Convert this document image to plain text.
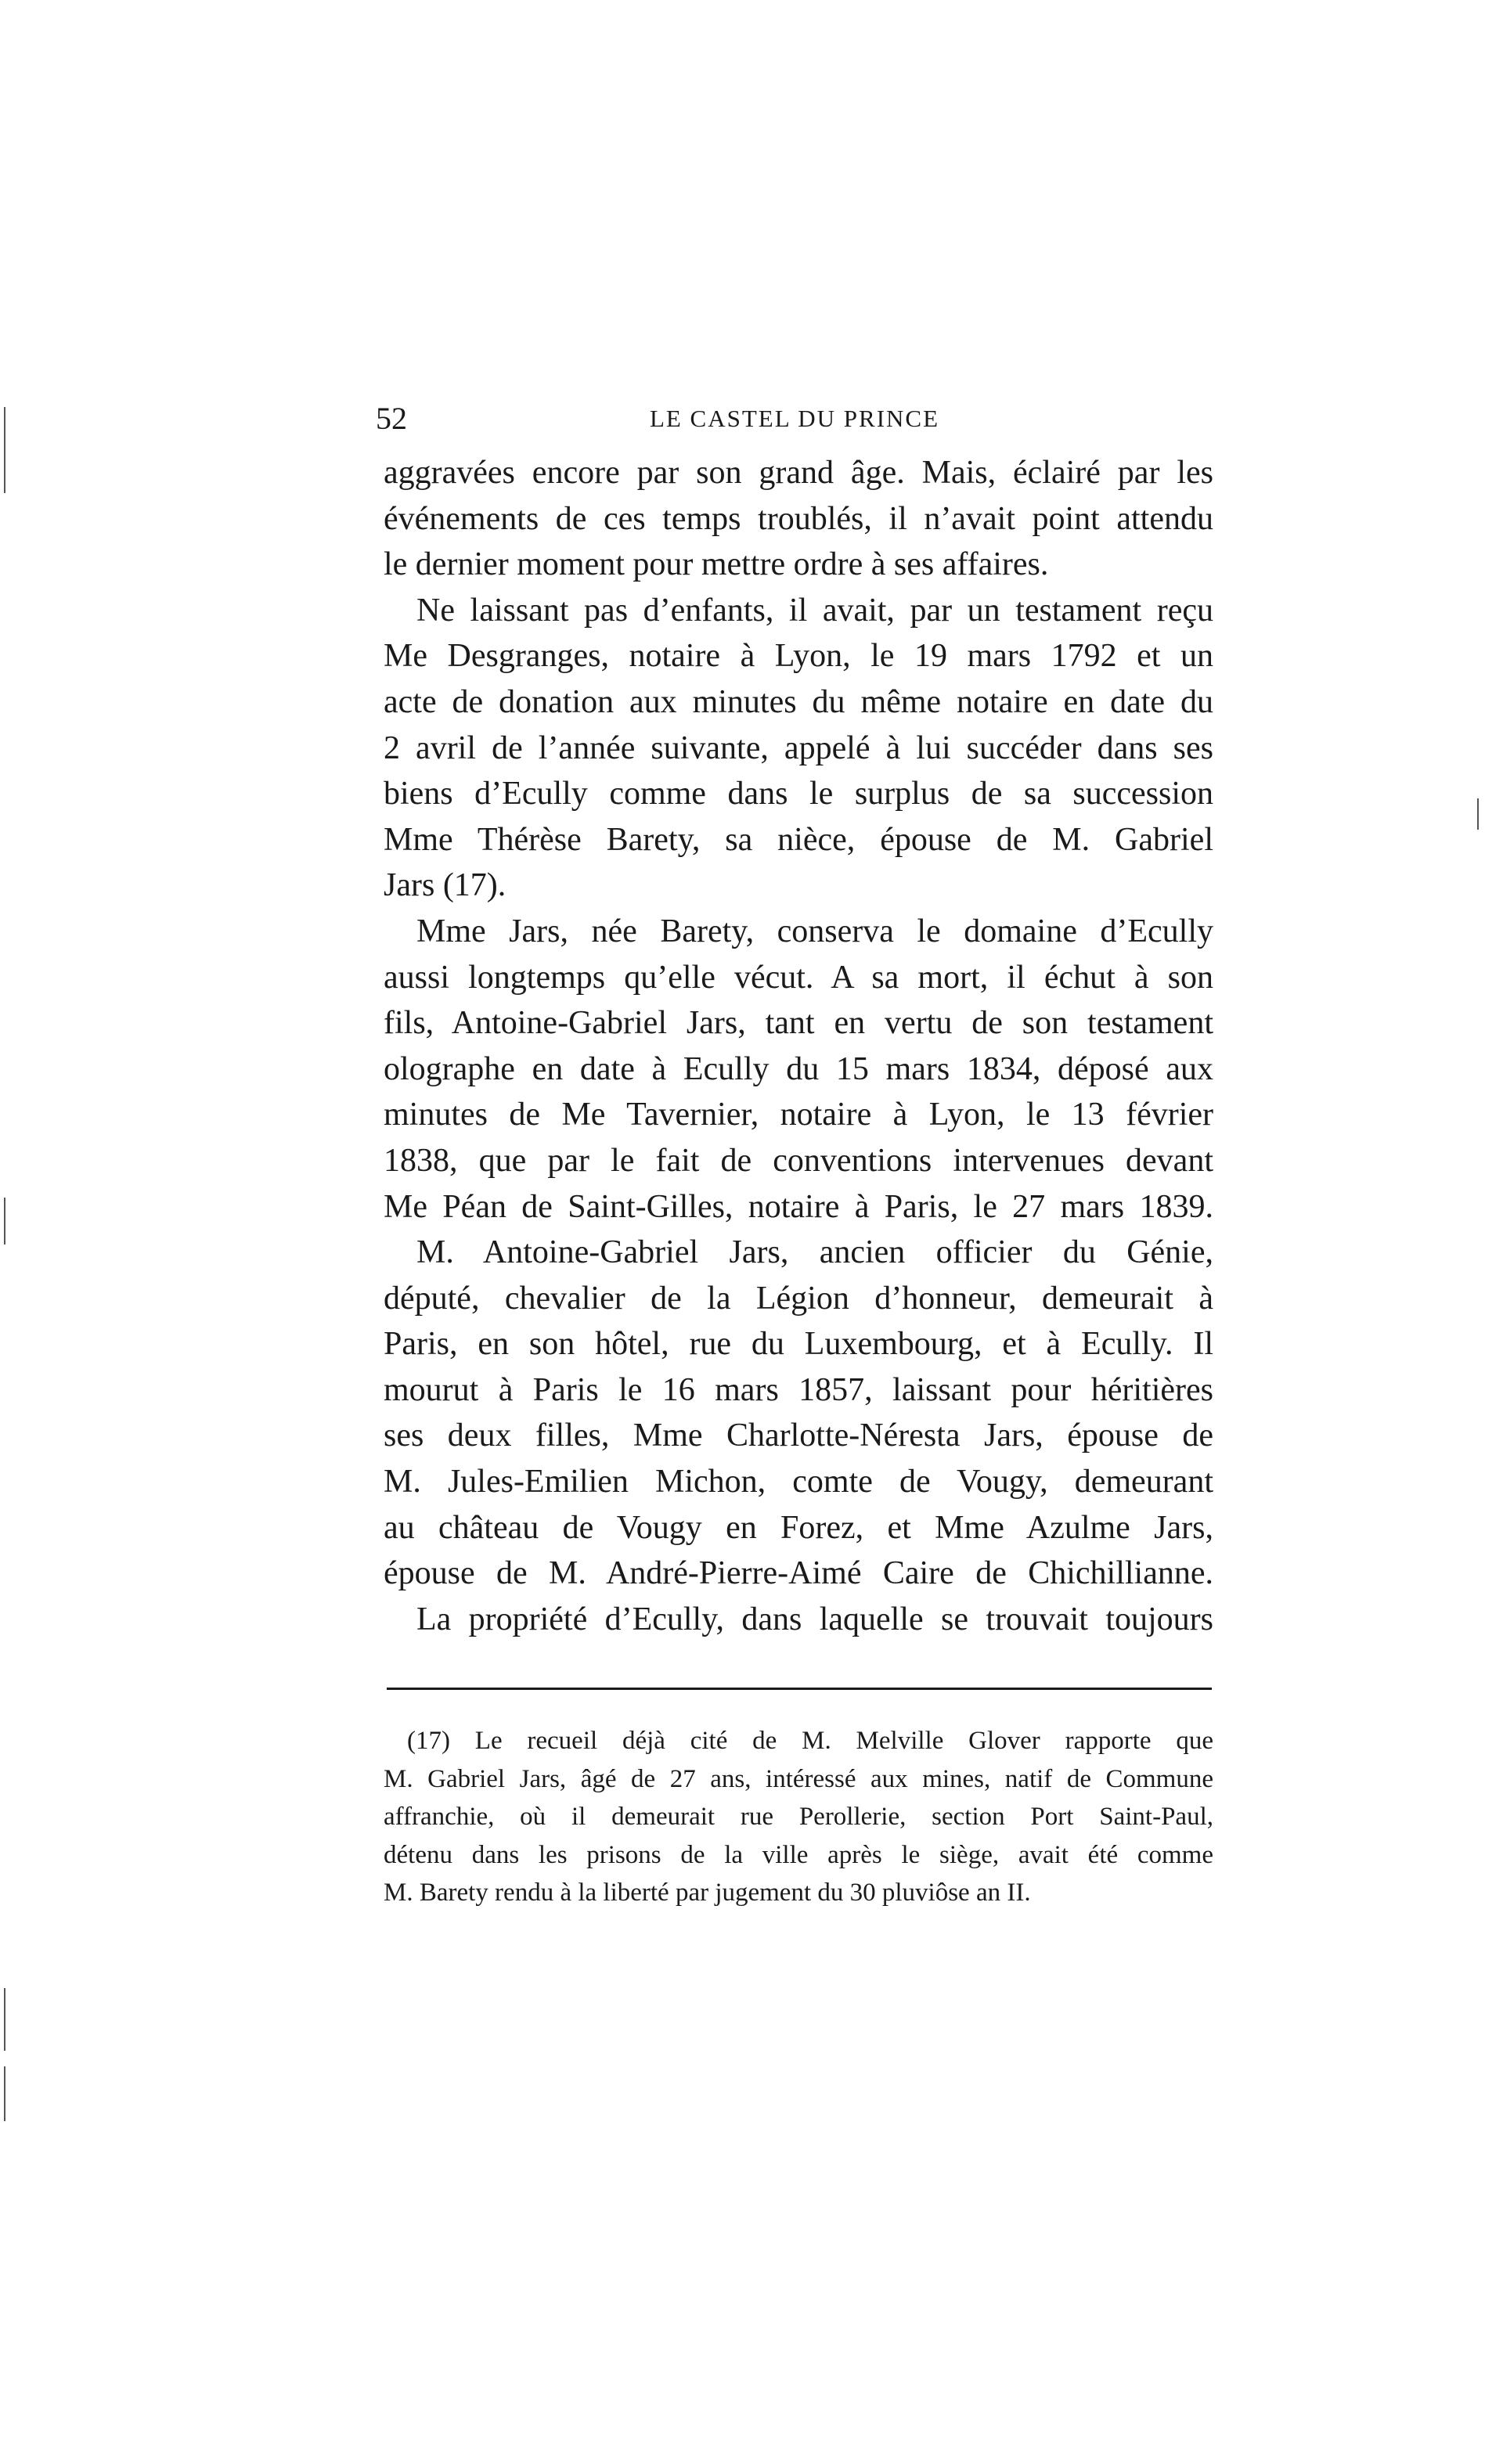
52	LE CASTEL DU PRINCE
aggravées encore par son grand âge. Mais, éclairé par les
événements de ces temps troublés, il n’avait point attendu
le dernier moment pour mettre ordre à ses affaires.
Ne laissant pas d’enfants, il avait, par un testament reçu
Me Desgranges, notaire à Lyon, le 19 mars 1792 et un
acte de donation aux minutes du même notaire en date du
2 avril de l’année suivante, appelé à lui succéder dans ses
biens d’Ecully comme dans le surplus de sa succession
Mme Thérèse Barety, sa nièce, épouse de M. Gabriel
Jars (17).
Mme Jars, née Barety, conserva le domaine d’Ecully
aussi longtemps qu’elle vécut. A sa mort, il échut à son
fils, Antoine-Gabriel Jars, tant en vertu de son testament
olographe en date à Ecully du 15 mars 1834, déposé aux
minutes de Me Tavernier, notaire à Lyon, le 13 février
1838, que par le fait de conventions intervenues devant
Me Péan de Saint-Gilles, notaire à Paris, le 27 mars 1839.
M. Antoine-Gabriel Jars, ancien officier du Génie,
député, chevalier de la Légion d’honneur, demeurait à
Paris, en son hôtel, rue du Luxembourg, et à Ecully. Il
mourut à Paris le 16 mars 1857, laissant pour héritières
ses deux filles, Mme Charlotte-Néresta Jars, épouse de
M. Jules-Emilien Michon, comte de Vougy, demeurant
au château de Vougy en Forez, et Mme Azulme Jars,
épouse de M. André-Pierre-Aimé Caire de Chichillianne.
La propriété d’Ecully, dans laquelle se trouvait toujours
(17) Le recueil déjà cité de M. Melville Glover rapporte que
M. Gabriel Jars, âgé de 27 ans, intéressé aux mines, natif de Commune
affranchie, où il demeurait rue Perollerie, section Port Saint-Paul,
détenu dans les prisons de la ville après le siège, avait été comme
M. Barety rendu à la liberté par jugement du 30 pluviôse an II.
